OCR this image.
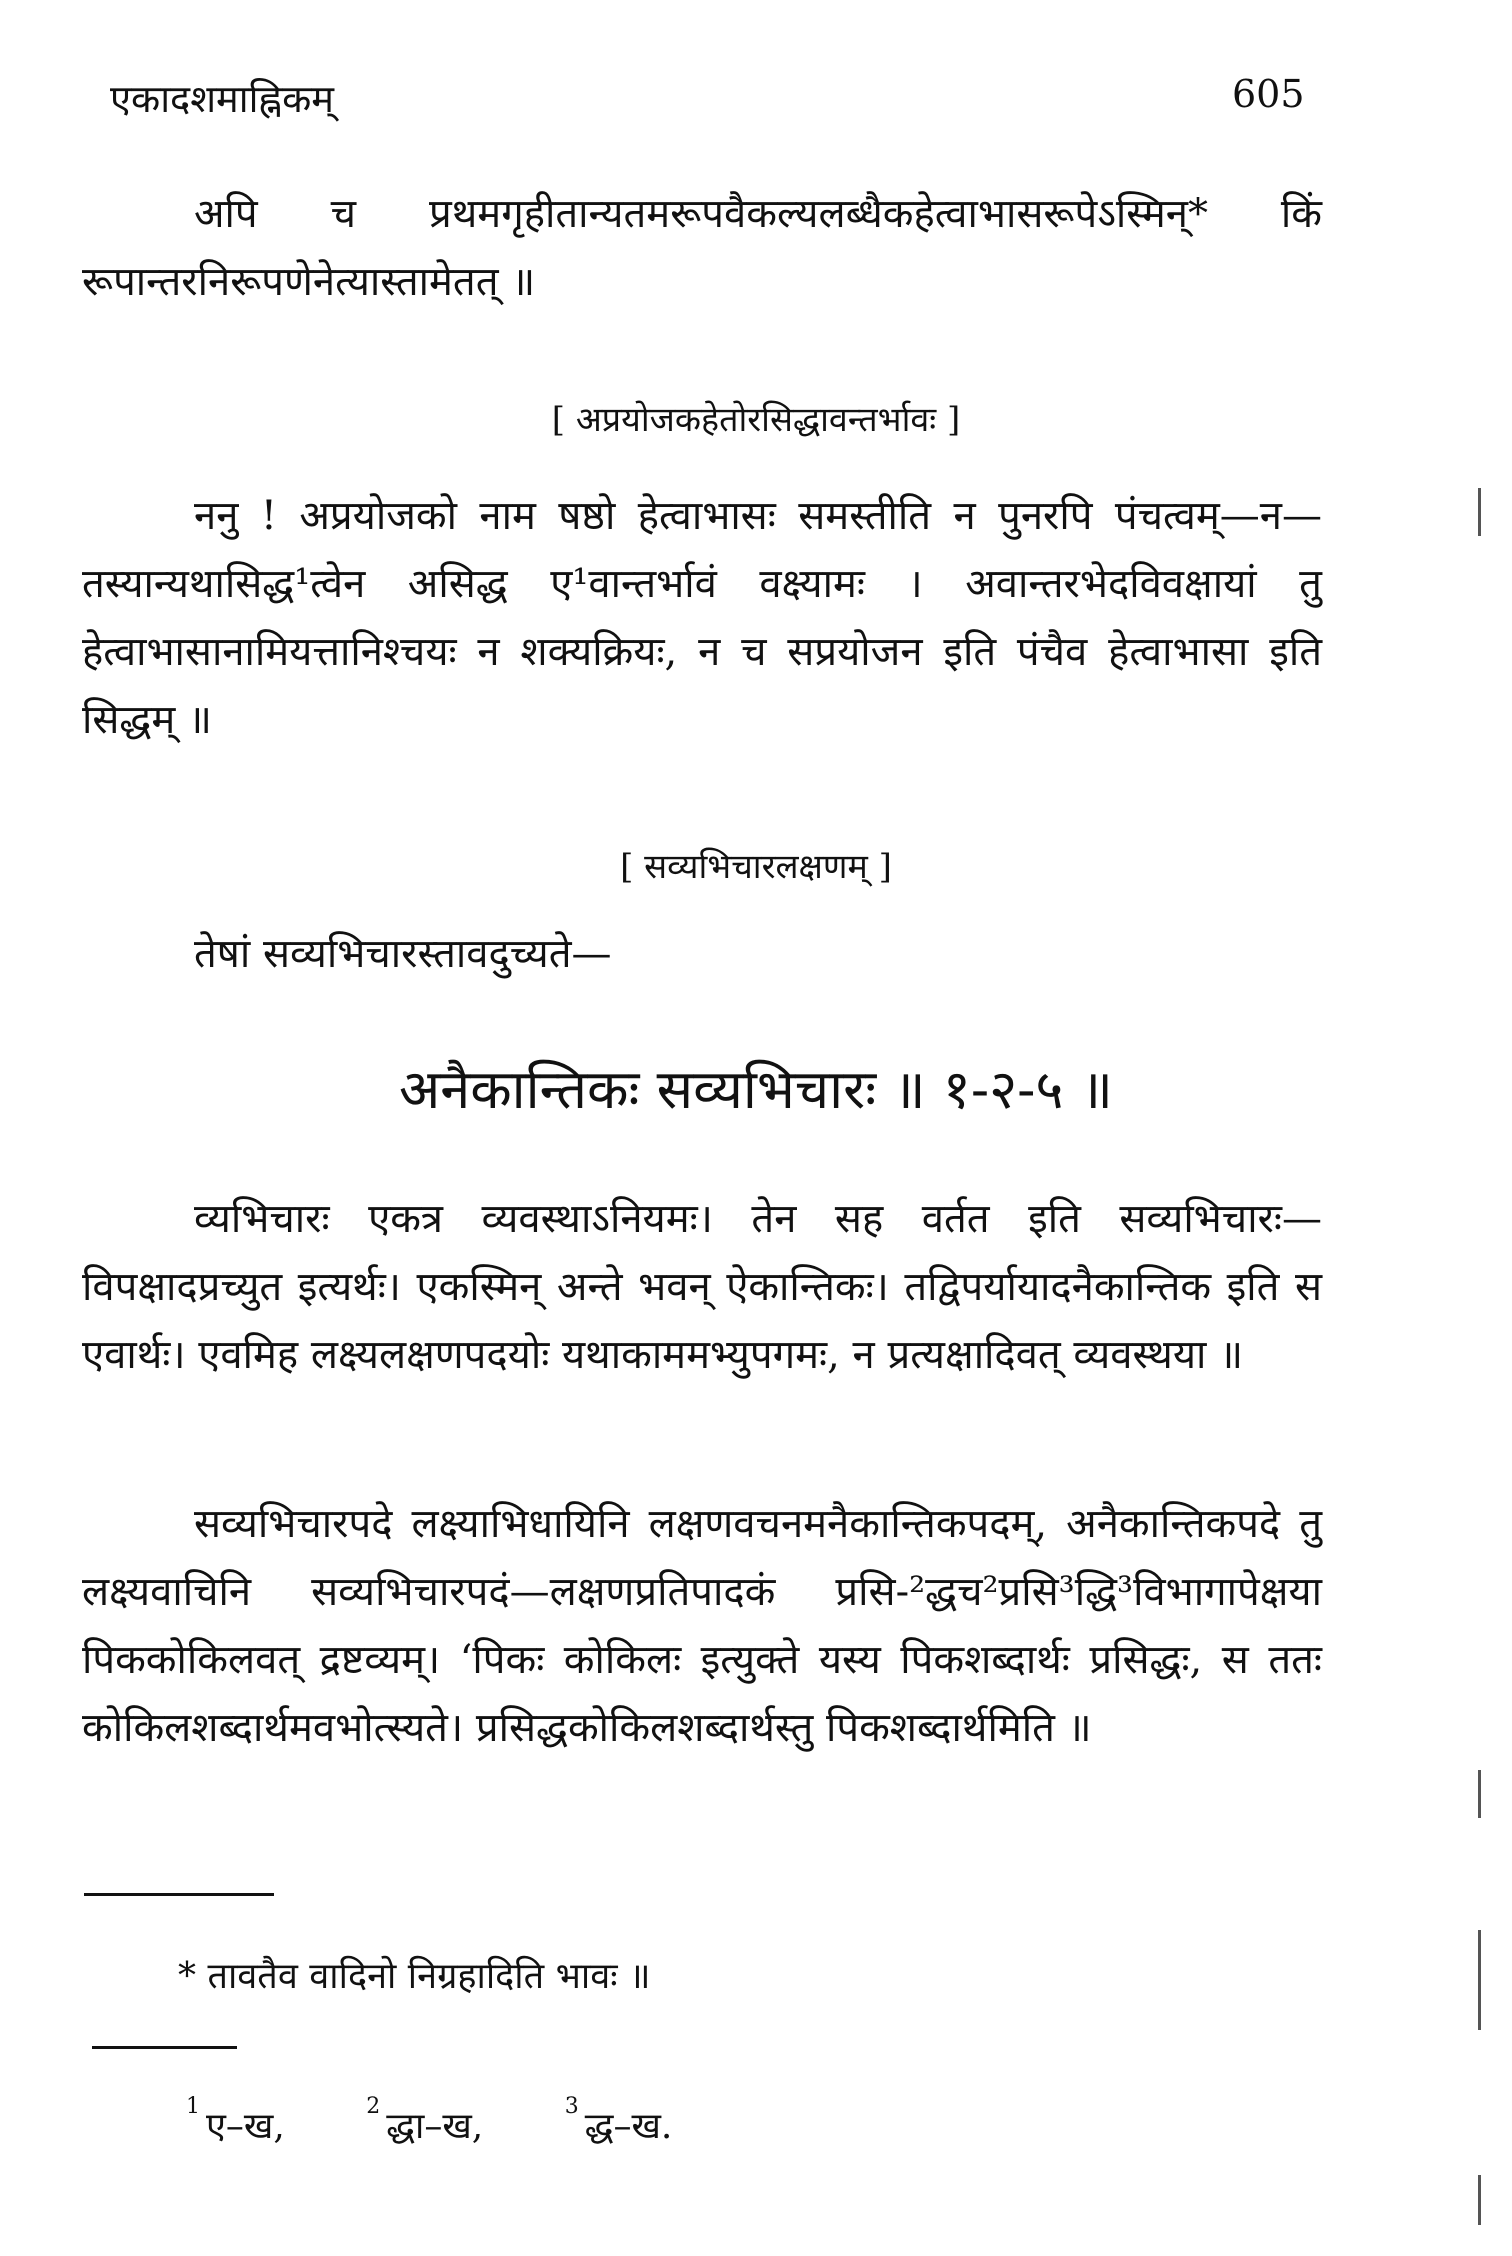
एकादशमाह्निकम्	605
अपि च प्रथमगृहीतान्यतमरूपवैकल्यलब्धैकहेत्वाभासरूपेऽस्मिन्* किं रूपान्तरनिरूपणेनेत्यास्तामेतत् ॥
[ अप्रयोजकहेतोरसिद्धावन्तर्भावः ]
ननु ! अप्रयोजको नाम षष्ठो हेत्वाभासः समस्तीति न पुनरपि पंचत्वम्—न—तस्यान्यथासिद्ध¹त्वेन असिद्ध ए¹वान्तर्भावं वक्ष्यामः । अवान्तरभेदविवक्षायां तु हेत्वाभासानामियत्तानिश्चयः न शक्यक्रियः, न च सप्रयोजन इति पंचैव हेत्वाभासा इति सिद्धम् ॥
[ सव्यभिचारलक्षणम् ]
तेषां सव्यभिचारस्तावदुच्यते—
अनैकान्तिकः सव्यभिचारः ॥ १-२-५ ॥
व्यभिचारः एकत्र व्यवस्थाऽनियमः। तेन सह वर्तत इति सव्यभिचारः—विपक्षादप्रच्युत इत्यर्थः। एकस्मिन् अन्ते भवन् ऐकान्तिकः। तद्विपर्यायादनैकान्तिक इति स एवार्थः। एवमिह लक्ष्यलक्षणपदयोः यथाकाममभ्युपगमः, न प्रत्यक्षादिवत् व्यवस्थया ॥
सव्यभिचारपदे लक्ष्याभिधायिनि लक्षणवचनमनैकान्तिकपदम्, अनैकान्तिकपदे तु लक्ष्यवाचिनि सव्यभिचारपदं—लक्षणप्रतिपादकं प्रसि-²द्धच²प्रसि³द्धि³विभागापेक्षया पिककोकिलवत् द्रष्टव्यम्। ‘पिकः कोकिलः इत्युक्ते यस्य पिकशब्दार्थः प्रसिद्धः, स ततः कोकिलशब्दार्थमवभोत्स्यते। प्रसिद्धकोकिलशब्दार्थस्तु पिकशब्दार्थमिति ॥
* तावतैव वादिनो निग्रहादिति भावः ॥
$^1$ ए–ख,	$^2$ द्धा–ख,	$^3$ द्ध–ख.
